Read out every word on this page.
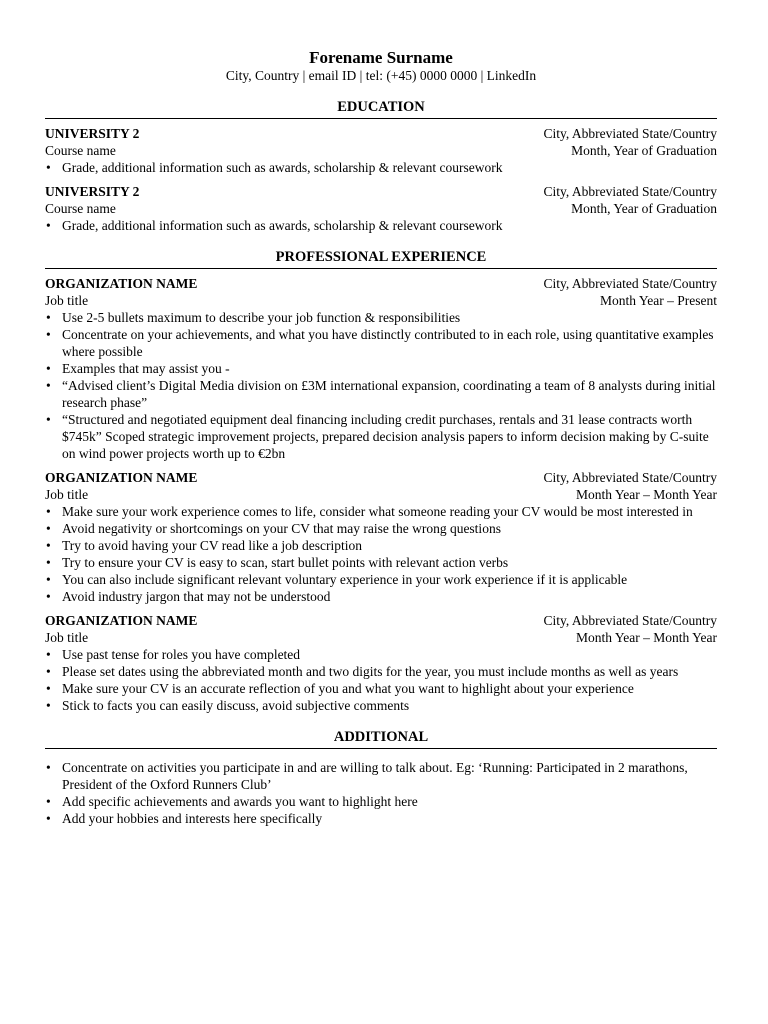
Forename Surname
City, Country | email ID | tel: (+45) 0000 0000 | LinkedIn
EDUCATION
UNIVERSITY 2	City, Abbreviated State/Country
Course name	Month, Year of Graduation
• Grade, additional information such as awards, scholarship & relevant coursework
UNIVERSITY 2	City, Abbreviated State/Country
Course name	Month, Year of Graduation
• Grade, additional information such as awards, scholarship & relevant coursework
PROFESSIONAL EXPERIENCE
ORGANIZATION NAME	City, Abbreviated State/Country
Job title	Month Year – Present
• Use 2-5 bullets maximum to describe your job function & responsibilities
• Concentrate on your achievements, and what you have distinctly contributed to in each role, using quantitative examples where possible
• Examples that may assist you -
• “Advised client’s Digital Media division on £3M international expansion, coordinating a team of 8 analysts during initial research phase”
• “Structured and negotiated equipment deal financing including credit purchases, rentals and 31 lease contracts worth $745k” Scoped strategic improvement projects, prepared decision analysis papers to inform decision making by C-suite on wind power projects worth up to €2bn
ORGANIZATION NAME	City, Abbreviated State/Country
Job title	Month Year – Month Year
• Make sure your work experience comes to life, consider what someone reading your CV would be most interested in
• Avoid negativity or shortcomings on your CV that may raise the wrong questions
• Try to avoid having your CV read like a job description
• Try to ensure your CV is easy to scan, start bullet points with relevant action verbs
• You can also include significant relevant voluntary experience in your work experience if it is applicable
• Avoid industry jargon that may not be understood
ORGANIZATION NAME	City, Abbreviated State/Country
Job title	Month Year – Month Year
• Use past tense for roles you have completed
• Please set dates using the abbreviated month and two digits for the year, you must include months as well as years
• Make sure your CV is an accurate reflection of you and what you want to highlight about your experience
• Stick to facts you can easily discuss, avoid subjective comments
ADDITIONAL
• Concentrate on activities you participate in and are willing to talk about. Eg: ‘Running: Participated in 2 marathons, President of the Oxford Runners Club’
• Add specific achievements and awards you want to highlight here
• Add your hobbies and interests here specifically
